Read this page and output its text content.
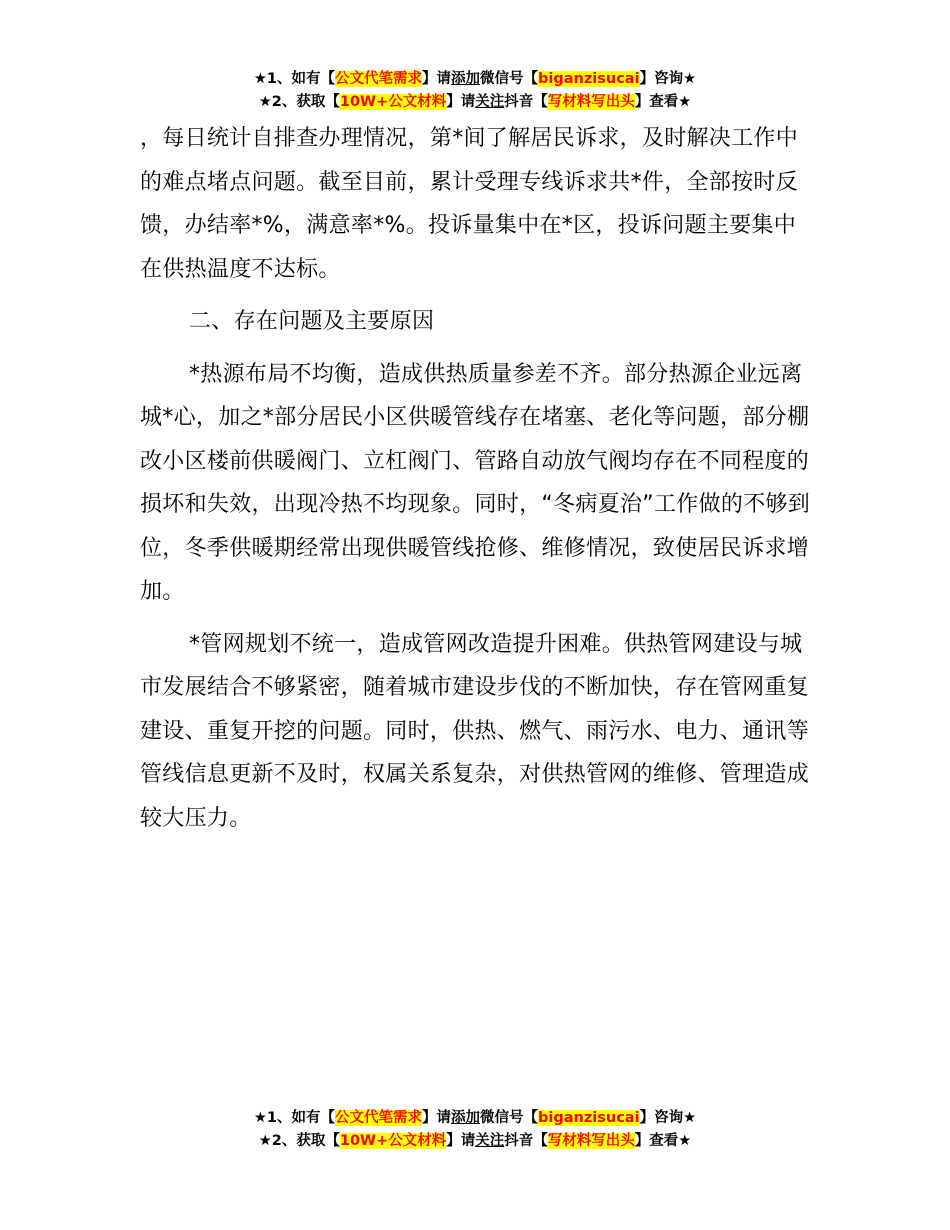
★1、如有【公文代笔需求】请添加微信号【biganzisucai】咨询★
★2、获取【10W+公文材料】请关注抖音【写材料写出头】查看★

，每日统计自排查办理情况，第*间了解居民诉求，及时解决工作中的难点堵点问题。截至目前，累计受理专线诉求共*件，全部按时反馈，办结率*%，满意率*%。投诉量集中在*区，投诉问题主要集中在供热温度不达标。

二、存在问题及主要原因

*热源布局不均衡，造成供热质量参差不齐。部分热源企业远离城*心，加之*部分居民小区供暖管线存在堵塞、老化等问题，部分棚改小区楼前供暖阀门、立杠阀门、管路自动放气阀均存在不同程度的损坏和失效，出现冷热不均现象。同时，“冬病夏治”工作做的不够到位，冬季供暖期经常出现供暖管线抢修、维修情况，致使居民诉求增加。

*管网规划不统一，造成管网改造提升困难。供热管网建设与城市发展结合不够紧密，随着城市建设步伐的不断加快，存在管网重复建设、重复开挖的问题。同时，供热、燃气、雨污水、电力、通讯等管线信息更新不及时，权属关系复杂，对供热管网的维修、管理造成较大压力。

★1、如有【公文代笔需求】请添加微信号【biganzisucai】咨询★
★2、获取【10W+公文材料】请关注抖音【写材料写出头】查看★
